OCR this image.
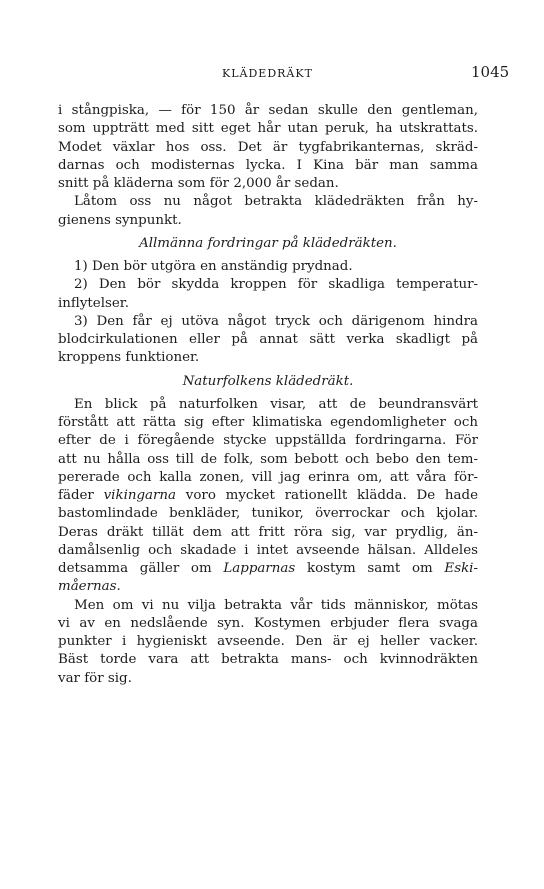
KLÄDEDRÄKT	1045
i stångpiska, — för 150 år sedan skulle den gentleman,
som uppträtt med sitt eget hår utan peruk, ha utskrattats.
Modet växlar hos oss. Det är tygfabrikanternas, skräd-
darnas och modisternas lycka. I Kina bär man samma
snitt på kläderna som för 2,000 år sedan.
Låtom oss nu något betrakta klädedräkten från hy-
gienens synpunkt.
Allmänna fordringar på klädedräkten.
1) Den bör utgöra en anständig prydnad.
2) Den bör skydda kroppen för skadliga temperatur-
inflytelser.
3) Den får ej utöva något tryck och därigenom hindra
blodcirkulationen eller på annat sätt verka skadligt på
kroppens funktioner.
Naturfolkens klädedräkt.
En blick på naturfolken visar, att de beundransvärt
förstått att rätta sig efter klimatiska egendomligheter och
efter de i föregående stycke uppställda fordringarna. För
att nu hålla oss till de folk, som bebott och bebo den tem-
pererade och kalla zonen, vill jag erinra om, att våra för-
fäder vikingarna voro mycket rationellt klädda. De hade
bastomlindade benkläder, tunikor, överrockar och kjolar.
Deras dräkt tillät dem att fritt röra sig, var prydlig, än-
damålsenlig och skadade i intet avseende hälsan. Alldeles
detsamma gäller om Lapparnas kostym samt om Eski-
måernas.
Men om vi nu vilja betrakta vår tids människor, mötas
vi av en nedslående syn. Kostymen erbjuder flera svaga
punkter i hygieniskt avseende. Den är ej heller vacker.
Bäst torde vara att betrakta mans- och kvinnodräkten
var för sig.
